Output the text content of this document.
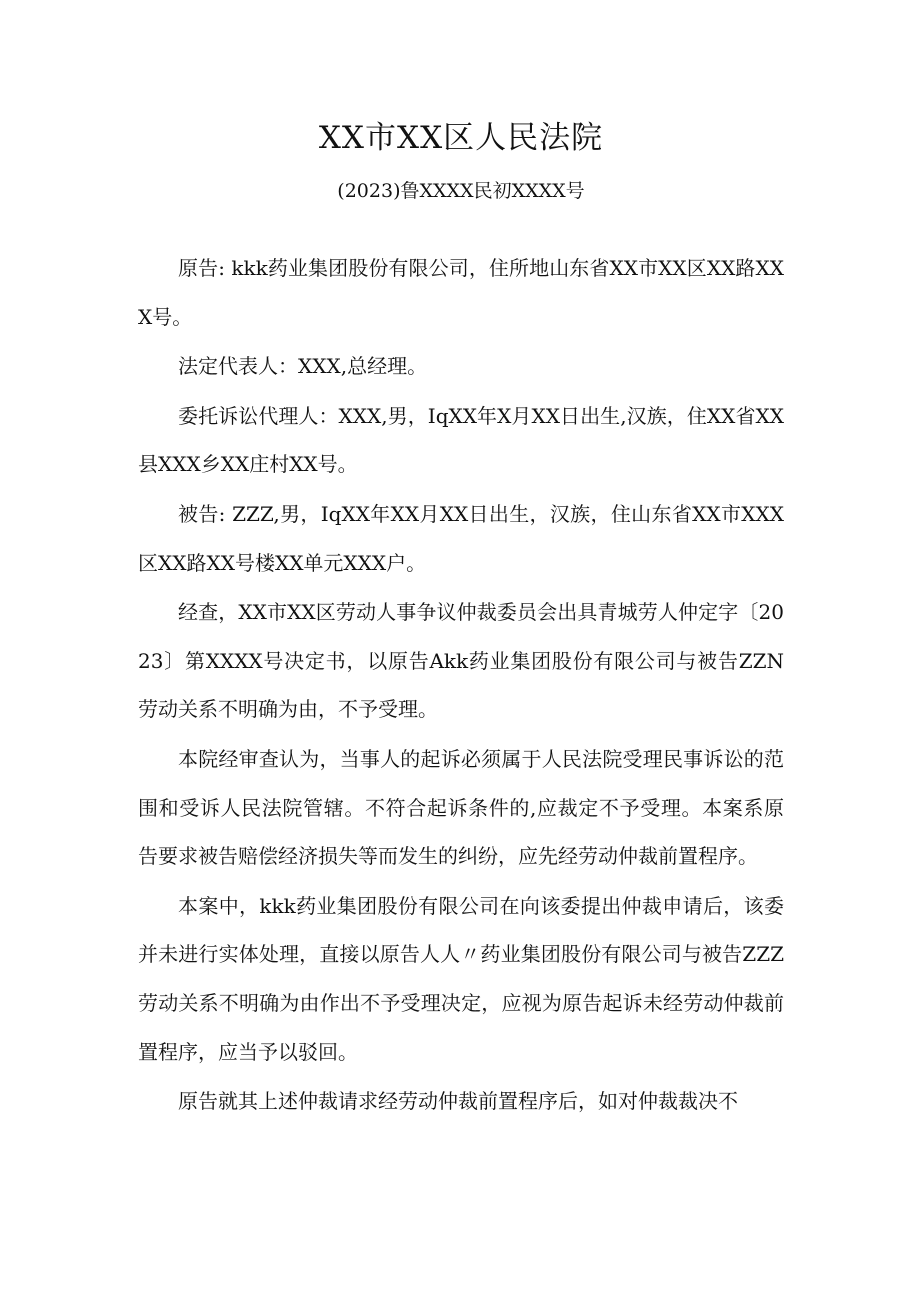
XX市XX区人民法院

(2023)鲁XXXX民初XXXX号

原告: kkk药业集团股份有限公司，住所地山东省XX市XX区XX路XXX号。

法定代表人：XXX,总经理。

委托诉讼代理人：XXX,男，IqXX年X月XX日出生,汉族，住XX省XX县XXX乡XX庄村XX号。

被告: ZZZ,男，IqXX年XX月XX日出生，汉族，住山东省XX市XXX区XX路XX号楼XX单元XXX户。

经查，XX市XX区劳动人事争议仲裁委员会出具青城劳人仲定字〔2023〕第XXXX号决定书，以原告Akk药业集团股份有限公司与被告ZZN劳动关系不明确为由，不予受理。

本院经审查认为，当事人的起诉必须属于人民法院受理民事诉讼的范围和受诉人民法院管辖。不符合起诉条件的,应裁定不予受理。本案系原告要求被告赔偿经济损失等而发生的纠纷，应先经劳动仲裁前置程序。

本案中，kkk药业集团股份有限公司在向该委提出仲裁申请后，该委并未进行实体处理，直接以原告人人〃药业集团股份有限公司与被告ZZZ劳动关系不明确为由作出不予受理决定，应视为原告起诉未经劳动仲裁前置程序，应当予以驳回。

原告就其上述仲裁请求经劳动仲裁前置程序后，如对仲裁裁决不
